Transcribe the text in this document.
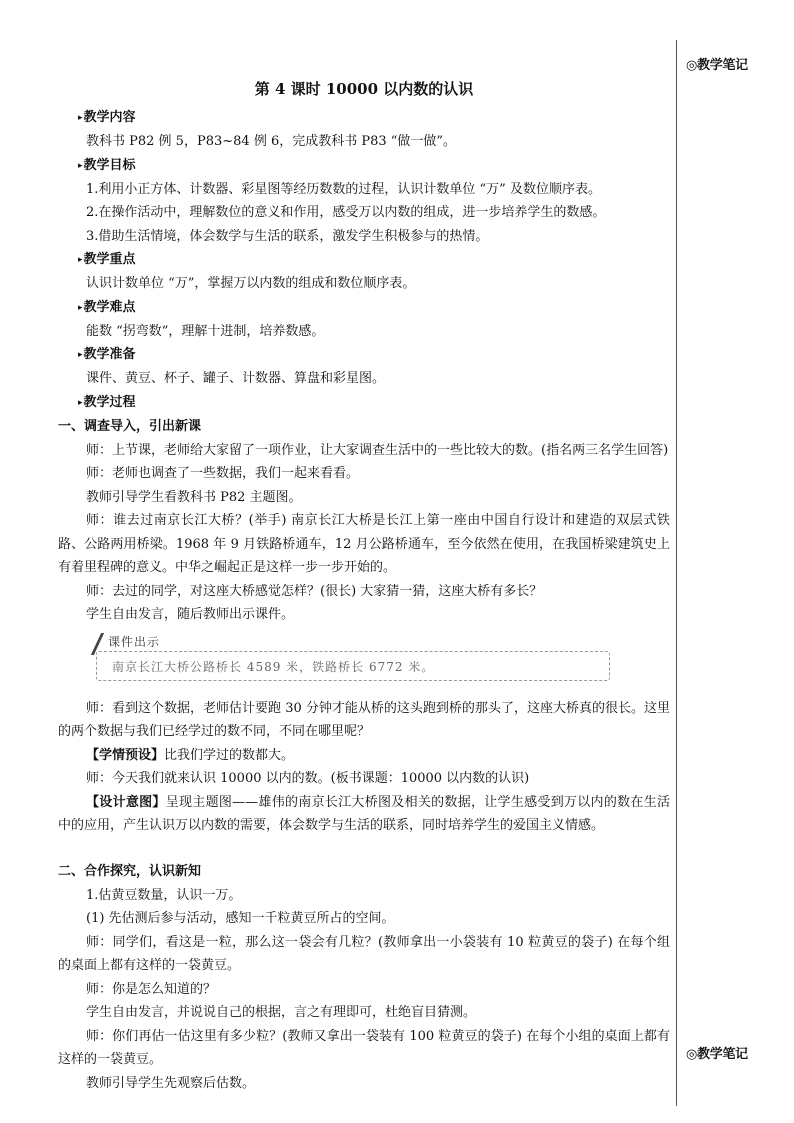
◎教学笔记
◎教学笔记
第 4 课时 10000 以内数的认识
▸ 教学内容

教科书 P82 例 5，P83~84 例 6，完成教科书 P83 “做一做”。

▸ 教学目标

1.利用小正方体、计数器、彩星图等经历数数的过程，认识计数单位 “万” 及数位顺序表。

2.在操作活动中，理解数位的意义和作用，感受万以内数的组成，进一步培养学生的数感。

3.借助生活情境，体会数学与生活的联系，激发学生积极参与的热情。

▸ 教学重点

认识计数单位 “万”，掌握万以内数的组成和数位顺序表。

▸ 教学难点

能数 “拐弯数”，理解十进制，培养数感。

▸ 教学准备

课件、黄豆、杯子、罐子、计数器、算盘和彩星图。

▸ 教学过程
一、调查导入，引出新课

师：上节课，老师给大家留了一项作业，让大家调查生活中的一些比较大的数。(指名两三名学生回答)

师：老师也调查了一些数据，我们一起来看看。

教师引导学生看教科书 P82 主题图。

师：谁去过南京长江大桥？(举手) 南京长江大桥是长江上第一座由中国自行设计和建造的双层式铁路、公路两用桥梁。1968 年 9 月铁路桥通车，12 月公路桥通车，至今依然在使用，在我国桥梁建筑史上有着里程碑的意义。中华之崛起正是这样一步一步开始的。

师：去过的同学，对这座大桥感觉怎样？(很长) 大家猜一猜，这座大桥有多长？

学生自由发言，随后教师出示课件。

课件出示
南京长江大桥公路桥长 4589 米，铁路桥长 6772 米。

师：看到这个数据，老师估计要跑 30 分钟才能从桥的这头跑到桥的那头了，这座大桥真的很长。这里的两个数据与我们已经学过的数不同，不同在哪里呢？

【学情预设】比我们学过的数都大。

师：今天我们就来认识 10000 以内的数。(板书课题：10000 以内数的认识)

【设计意图】呈现主题图——雄伟的南京长江大桥图及相关的数据，让学生感受到万以内的数在生活中的应用，产生认识万以内数的需要，体会数学与生活的联系，同时培养学生的爱国主义情感。

二、合作探究，认识新知

1.估黄豆数量，认识一万。

(1) 先估测后参与活动，感知一千粒黄豆所占的空间。

师：同学们，看这是一粒，那么这一袋会有几粒？(教师拿出一小袋装有 10 粒黄豆的袋子) 在每个组的桌面上都有这样的一袋黄豆。

师：你是怎么知道的？

学生自由发言，并说说自己的根据，言之有理即可，杜绝盲目猜测。

师：你们再估一估这里有多少粒？(教师又拿出一袋装有 100 粒黄豆的袋子) 在每个小组的桌面上都有这样的一袋黄豆。

教师引导学生先观察后估数。
